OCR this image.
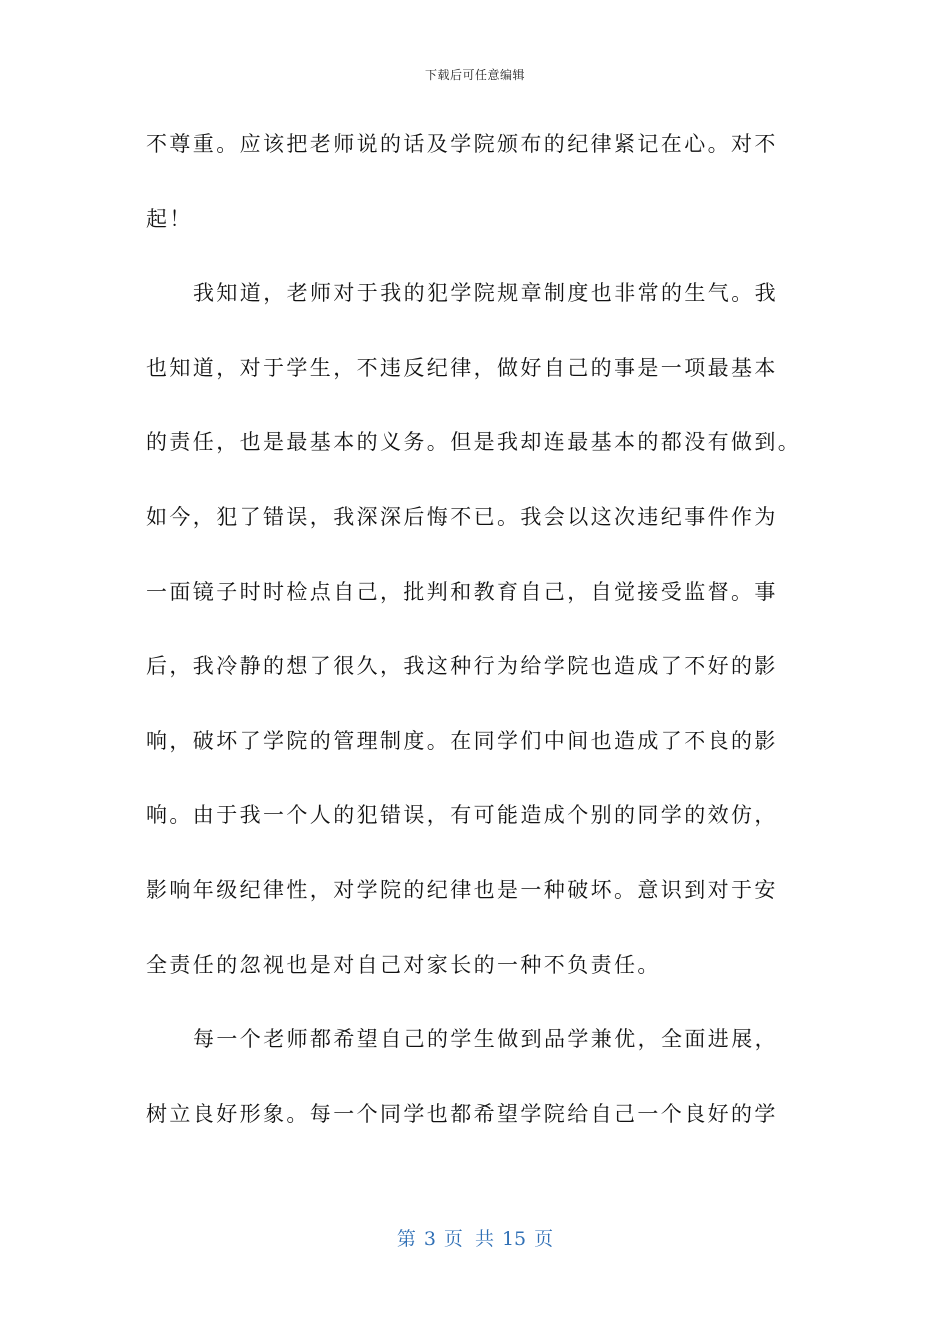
下载后可任意编辑
不尊重。应该把老师说的话及学院颁布的纪律紧记在心。对不
起！
我知道，老师对于我的犯学院规章制度也非常的生气。我
也知道，对于学生，不违反纪律，做好自己的事是一项最基本
的责任，也是最基本的义务。但是我却连最基本的都没有做到。
如今，犯了错误，我深深后悔不已。我会以这次违纪事件作为
一面镜子时时检点自己，批判和教育自己，自觉接受监督。事
后，我冷静的想了很久，我这种行为给学院也造成了不好的影
响，破坏了学院的管理制度。在同学们中间也造成了不良的影
响。由于我一个人的犯错误，有可能造成个别的同学的效仿，
影响年级纪律性，对学院的纪律也是一种破坏。意识到对于安
全责任的忽视也是对自己对家长的一种不负责任。
每一个老师都希望自己的学生做到品学兼优，全面进展，
树立良好形象。每一个同学也都希望学院给自己一个良好的学
第 3 页 共 15 页
